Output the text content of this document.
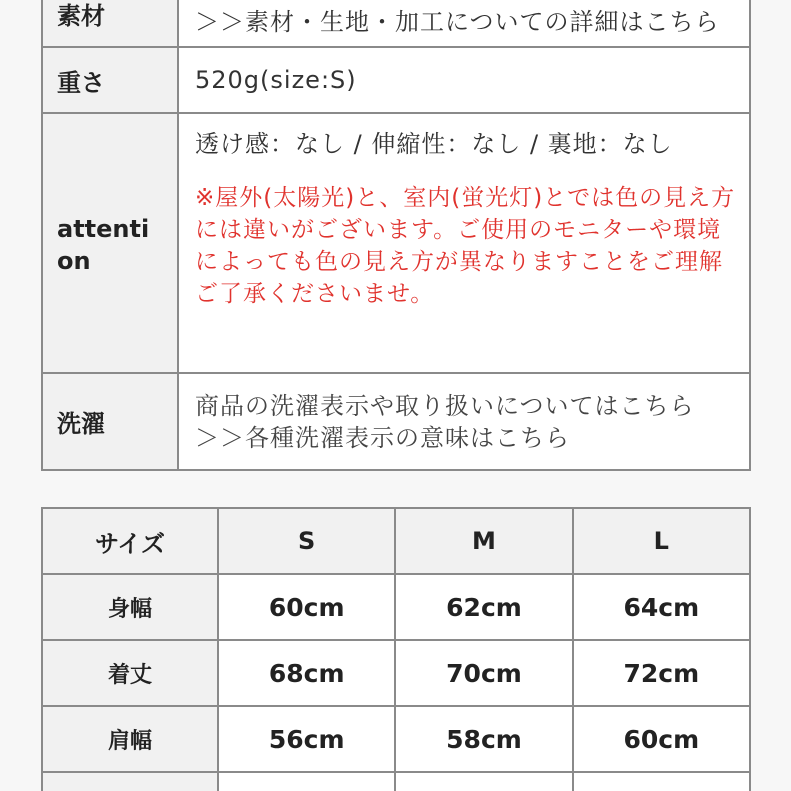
素材	＞＞素材・生地・加工についての詳細はこちら
重さ	520g(size:S)

attention	透け感：なし / 伸縮性：なし / 裏地：なし

※屋外(太陽光)と、室内(蛍光灯)とでは色の見え方には違いがございます。ご使用のモニターや環境によっても色の見え方が異なりますことをご理解ご了承くださいませ。

洗濯	商品の洗濯表示や取り扱いについてはこちら

＞＞各種洗濯表示の意味はこちら

サイズ	S	M	L
身幅	60cm	62cm	64cm
着丈	68cm	70cm	72cm
肩幅	56cm	58cm	60cm
